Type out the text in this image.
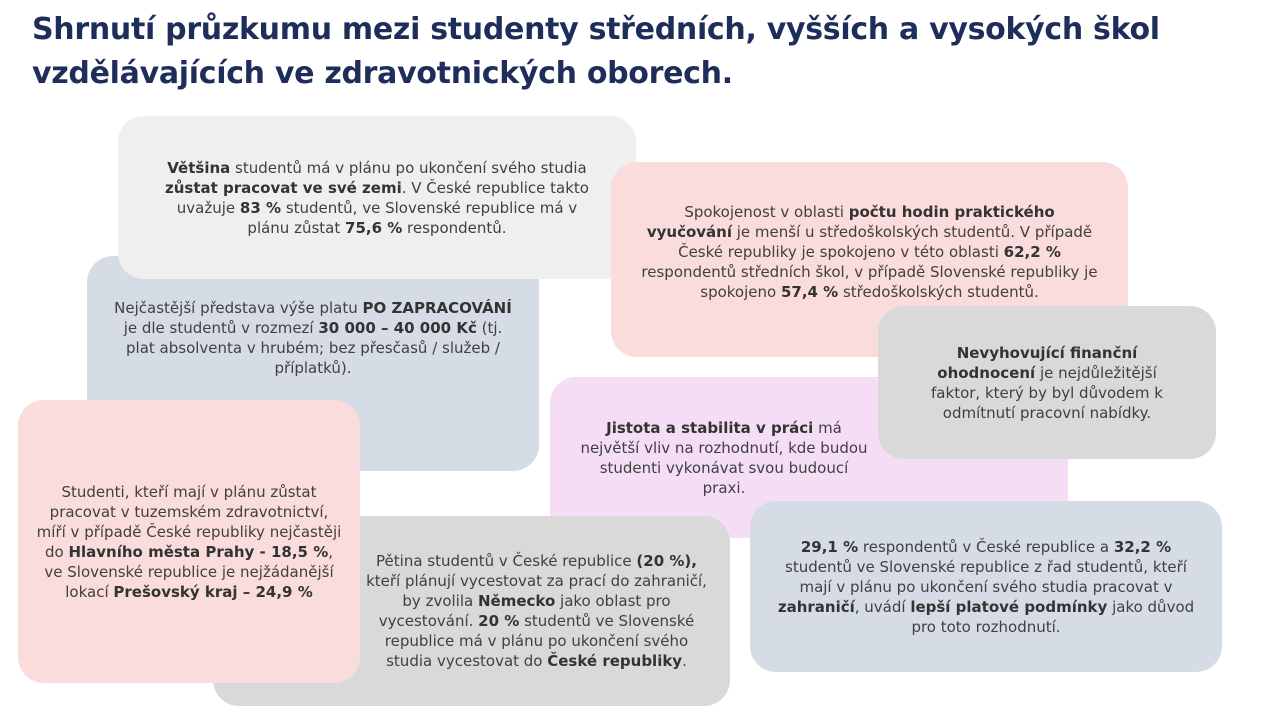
Shrnutí průzkumu mezi studenty středních, vyšších a vysokých škol vzdělávajících ve zdravotnických oborech.

Nejčastější představa výše platu PO ZAPRACOVÁNÍ je dle studentů v rozmezí 30 000 – 40 000 Kč (tj. plat absolventa v hrubém; bez přesčasů / služeb / příplatků).

Většina studentů má v plánu po ukončení svého studia zůstat pracovat ve své zemi. V České republice takto uvažuje 83 % studentů, ve Slovenské republice má v plánu zůstat 75,6 % respondentů.

Spokojenost v oblasti počtu hodin praktického vyučování je menší u středoškolských studentů. V případě České republiky je spokojeno v této oblasti 62,2 % respondentů středních škol, v případě Slovenské republiky je spokojeno 57,4 % středoškolských studentů.

Nevyhovující finanční ohodnocení je nejdůležitější faktor, který by byl důvodem k odmítnutí pracovní nabídky.

Jistota a stabilita v práci má největší vliv na rozhodnutí, kde budou studenti vykonávat svou budoucí praxi.

29,1 % respondentů v České republice a 32,2 % studentů ve Slovenské republice z řad studentů, kteří mají v plánu po ukončení svého studia pracovat v zahraničí, uvádí lepší platové podmínky jako důvod pro toto rozhodnutí.

Pětina studentů v České republice (20 %), kteří plánují vycestovat za prací do zahraničí, by zvolila Německo jako oblast pro vycestování. 20 % studentů ve Slovenské republice má v plánu po ukončení svého studia vycestovat do České republiky.

Studenti, kteří mají v plánu zůstat pracovat v tuzemském zdravotnictví, míří v případě České republiky nejčastěji do Hlavního města Prahy - 18,5 %, ve Slovenské republice je nejžádanější lokací Prešovský kraj – 24,9 %
